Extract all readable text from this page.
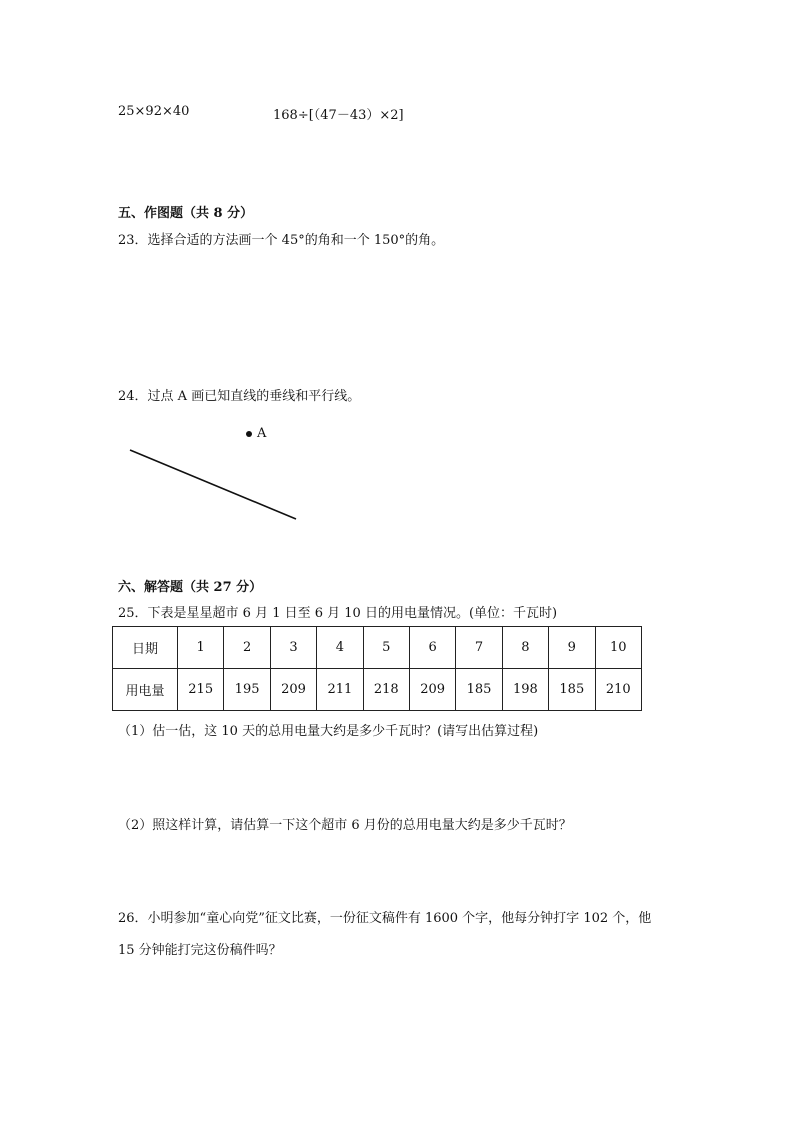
25×92×40	168÷[（47－43）×2]
五、作图题（共 8 分）
23．选择合适的方法画一个 45°的角和一个 150°的角。
24．过点 A 画已知直线的垂线和平行线。
A
六、解答题（共 27 分）
25．下表是星星超市 6 月 1 日至 6 月 10 日的用电量情况。(单位：千瓦时)
日期	1	2	3	4	5	6	7	8	9	10
用电量	215	195	209	211	218	209	185	198	185	210
（1）估一估，这 10 天的总用电量大约是多少千瓦时？(请写出估算过程)
（2）照这样计算，请估算一下这个超市 6 月份的总用电量大约是多少千瓦时？
26．小明参加“童心向党”征文比赛，一份征文稿件有 1600 个字，他每分钟打字 102 个，他
15 分钟能打完这份稿件吗？
